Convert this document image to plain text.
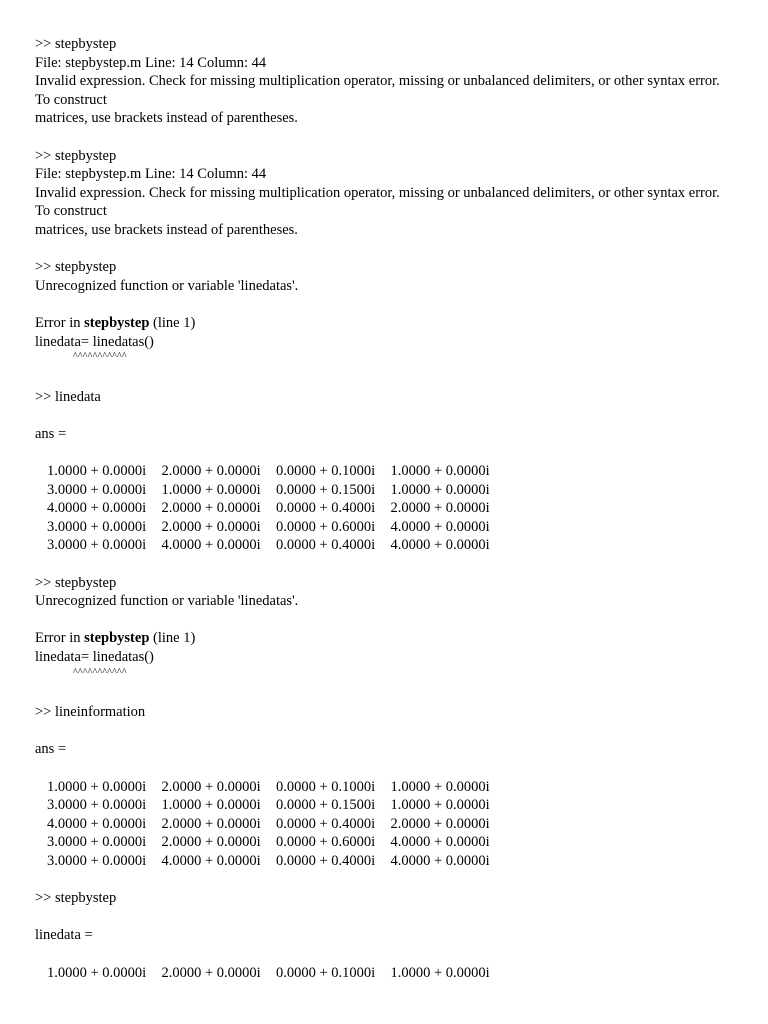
>> stepbystep
File: stepbystep.m Line: 14 Column: 44
Invalid expression. Check for missing multiplication operator, missing or unbalanced delimiters, or other syntax error. To construct
matrices, use brackets instead of parentheses.
>> stepbystep
File: stepbystep.m Line: 14 Column: 44
Invalid expression. Check for missing multiplication operator, missing or unbalanced delimiters, or other syntax error. To construct
matrices, use brackets instead of parentheses.
>> stepbystep
Unrecognized function or variable 'linedatas'.
Error in stepbystep (line 1)
linedata= linedatas()
^^^^^^^^^^^
>> linedata
ans =
1.0000 + 0.0000i 2.0000 + 0.0000i 0.0000 + 0.1000i 1.0000 + 0.0000i
3.0000 + 0.0000i 1.0000 + 0.0000i 0.0000 + 0.1500i 1.0000 + 0.0000i
4.0000 + 0.0000i 2.0000 + 0.0000i 0.0000 + 0.4000i 2.0000 + 0.0000i
3.0000 + 0.0000i 2.0000 + 0.0000i 0.0000 + 0.6000i 4.0000 + 0.0000i
3.0000 + 0.0000i 4.0000 + 0.0000i 0.0000 + 0.4000i 4.0000 + 0.0000i
>> stepbystep
Unrecognized function or variable 'linedatas'.
Error in stepbystep (line 1)
linedata= linedatas()
^^^^^^^^^^^
>> lineinformation
ans =
1.0000 + 0.0000i 2.0000 + 0.0000i 0.0000 + 0.1000i 1.0000 + 0.0000i
3.0000 + 0.0000i 1.0000 + 0.0000i 0.0000 + 0.1500i 1.0000 + 0.0000i
4.0000 + 0.0000i 2.0000 + 0.0000i 0.0000 + 0.4000i 2.0000 + 0.0000i
3.0000 + 0.0000i 2.0000 + 0.0000i 0.0000 + 0.6000i 4.0000 + 0.0000i
3.0000 + 0.0000i 4.0000 + 0.0000i 0.0000 + 0.4000i 4.0000 + 0.0000i
>> stepbystep
linedata =
1.0000 + 0.0000i 2.0000 + 0.0000i 0.0000 + 0.1000i 1.0000 + 0.0000i
